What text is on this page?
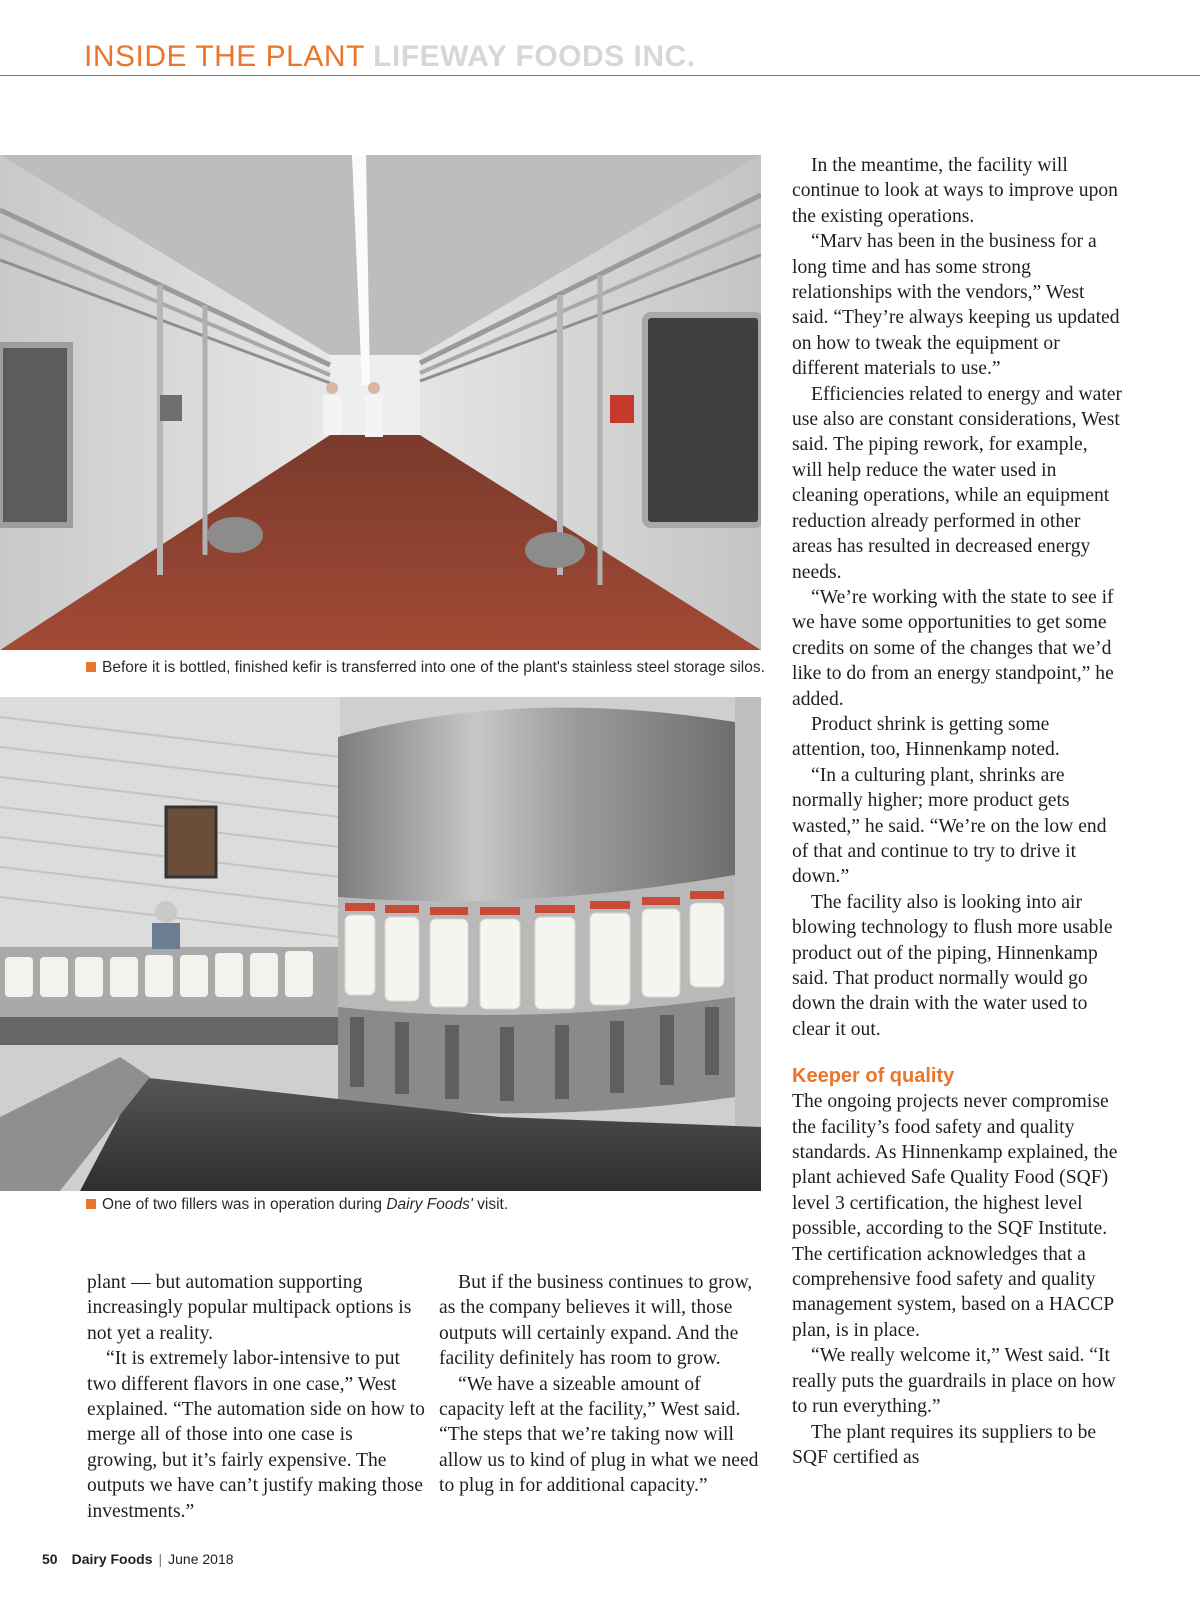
INSIDE THE PLANT LIFEWAY FOODS INC.
Before it is bottled, finished kefir is transferred into one of the plant's stainless steel storage silos.
One of two fillers was in operation during Dairy Foods' visit.

plant — but automation supporting increasingly popular multipack options is not yet a reality.

“It is extremely labor-intensive to put two different flavors in one case,” West explained. “The automation side on how to merge all of those into one case is growing, but it’s fairly expensive. The outputs we have can’t justify making those investments.”

But if the business continues to grow, as the company believes it will, those outputs will certainly expand. And the facility definitely has room to grow.

“We have a sizeable amount of capacity left at the facility,” West said. “The steps that we’re taking now will allow us to kind of plug in what we need to plug in for additional capacity.”

In the meantime, the facility will continue to look at ways to improve upon the existing operations.

“Marv has been in the business for a long time and has some strong relationships with the vendors,” West said. “They’re always keeping us updated on how to tweak the equipment or different materials to use.”

Efficiencies related to energy and water use also are constant considerations, West said. The piping rework, for example, will help reduce the water used in cleaning operations, while an equipment reduction already performed in other areas has resulted in decreased energy needs.

“We’re working with the state to see if we have some opportunities to get some credits on some of the changes that we’d like to do from an energy standpoint,” he added.

Product shrink is getting some attention, too, Hinnenkamp noted.

“In a culturing plant, shrinks are normally higher; more product gets wasted,” he said. “We’re on the low end of that and continue to try to drive it down.”

The facility also is looking into air blowing technology to flush more usable product out of the piping, Hinnenkamp said. That product normally would go down the drain with the water used to clear it out.

Keeper of quality

The ongoing projects never compromise the facility’s food safety and quality standards. As Hinnenkamp explained, the plant achieved Safe Quality Food (SQF) level 3 certification, the highest level possible, according to the SQF Institute. The certification acknowledges that a comprehensive food safety and quality management system, based on a HACCP plan, is in place.

“We really welcome it,” West said. “It really puts the guardrails in place on how to run everything.”

The plant requires its suppliers to be SQF certified as

50 Dairy Foods | June 2018
